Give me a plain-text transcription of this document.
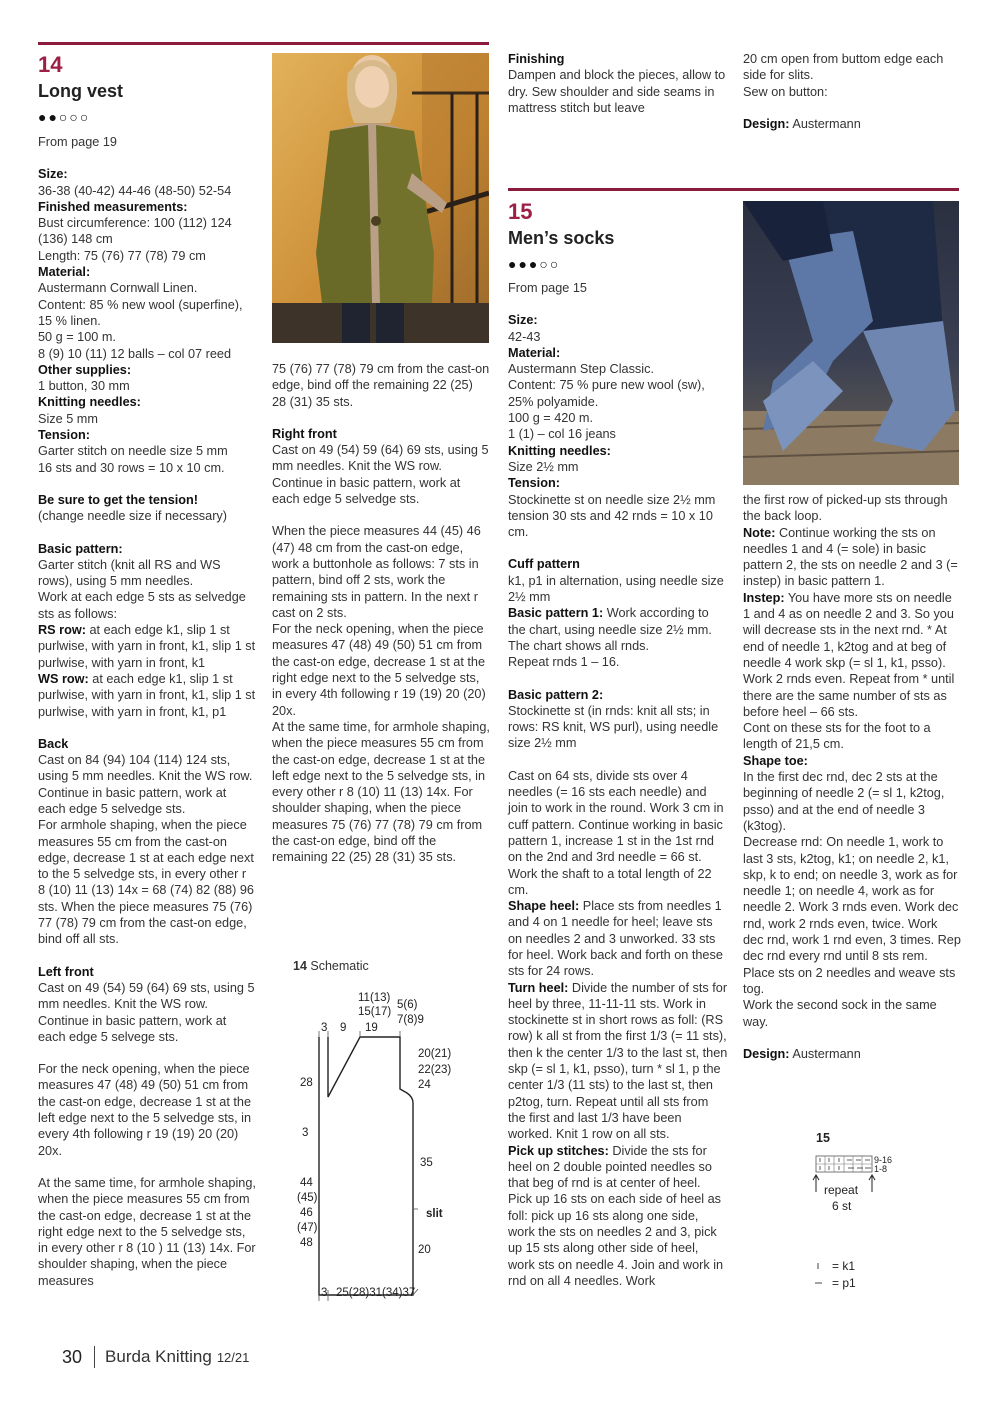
14
Long vest
●●○○○

From page 19

Size:

36-38 (40-42) 44-46 (48-50) 52-54

Finished measurements:

Bust circumference: 100 (112) 124 (136) 148 cm

Length: 75 (76) 77 (78) 79 cm

Material:

Austermann Cornwall Linen.

Content: 85 % new wool (superfine), 15 % linen.

50 g = 100 m.

8 (9) 10 (11) 12 balls – col 07 reed

Other supplies:

1 button, 30 mm

Knitting needles:

Size 5 mm

Tension:

Garter stitch on needle size 5 mm

16 sts and 30 rows = 10 x 10 cm.

Be sure to get the tension!

(change needle size if necessary)

Basic pattern:

Garter stitch (knit all RS and WS rows), using 5 mm needles.

Work at each edge 5 sts as selvedge sts as follows:

RS row: at each edge k1, slip 1 st purlwise, with yarn in front, k1, slip 1 st purlwise, with yarn in front, k1

WS row: at each edge k1, slip 1 st purlwise, with yarn in front, k1, slip 1 st purlwise, with yarn in front, k1, p1

Back

Cast on 84 (94) 104 (114) 124 sts, using 5 mm needles. Knit the WS row. Continue in basic pattern, work at each edge 5 selvedge sts.

For armhole shaping, when the piece measures 55 cm from the cast-on edge, decrease 1 st at each edge next to the 5 selvedge sts, in every other r 8 (10) 11 (13) 14x = 68 (74) 82 (88) 96 sts. When the piece measures 75 (76) 77 (78) 79 cm from the cast-on edge, bind off all sts.

Left front

Cast on 49 (54) 59 (64) 69 sts, using 5 mm needles. Knit the WS row. Continue in basic pattern, work at each edge 5 selvege sts.

For the neck opening, when the piece measures 47 (48) 49 (50) 51 cm from the cast-on edge, decrease 1 st at the left edge next to the 5 selvedge sts, in every 4th following r 19 (19) 20 (20) 20x.

At the same time, for armhole shaping, when the piece measures 55 cm from the cast-on edge, decrease 1 st at the right edge next to the 5 selvedge sts, in every other r 8 (10 ) 11 (13) 14x. For shoulder shaping, when the piece measures

75 (76) 77 (78) 79 cm from the cast-on edge, bind off the remaining 22 (25) 28 (31) 35 sts.

Right front

Cast on 49 (54) 59 (64) 69 sts, using 5 mm needles. Knit the WS row. Continue in basic pattern, work at each edge 5 selvedge sts.

When the piece measures 44 (45) 46 (47) 48 cm from the cast-on edge, work a buttonhole as follows: 7 sts in pattern, bind off 2 sts, work the remaining sts in pattern. In the next r cast on 2 sts.

For the neck opening, when the piece measures 47 (48) 49 (50) 51 cm from the cast-on edge, decrease 1 st at the right edge next to the 5 selvedge sts, in every 4th following r 19 (19) 20 (20) 20x.

At the same time, for armhole shaping, when the piece measures 55 cm from the cast-on edge, decrease 1 st at the left edge next to the 5 selvedge sts, in every other r 8 (10) 11 (13) 14x. For shoulder shaping, when the piece measures 75 (76) 77 (78) 79 cm from the cast-on edge, bind off the remaining 22 (25) 28 (31) 35 sts.

14 Schematic
11(13)
15(17)
19
5(6)
7(8)9
3 9
20(21)
22(23)
24
35
slit
20
28
3
44
(45)
46
(47)
48
3 25(28)31(34)37

Finishing

Dampen and block the pieces, allow to dry. Sew shoulder and side seams in mattress stitch but leave

15
Men’s socks
●●●○○

From page 15

Size:

42-43

Material:

Austermann Step Classic.

Content: 75 % pure new wool (sw), 25% polyamide.

100 g = 420 m.

1 (1) – col 16 jeans

Knitting needles:

Size 2½ mm

Tension:

Stockinette st on needle size 2½ mm tension 30 sts and 42 rnds = 10 x 10 cm.

Cuff pattern

k1, p1 in alternation, using needle size 2½ mm

Basic pattern 1: Work according to the chart, using needle size 2½ mm. The chart shows all rnds.

Repeat rnds 1 – 16.

Basic pattern 2:

Stockinette st (in rnds: knit all sts; in rows: RS knit, WS purl), using needle size 2½ mm

Cast on 64 sts, divide sts over 4 needles (= 16 sts each needle) and join to work in the round. Work 3 cm in cuff pattern. Continue working in basic pattern 1, increase 1 st in the 1st rnd on the 2nd and 3rd needle = 66 st. Work the shaft to a total length of 22 cm.

Shape heel: Place sts from needles 1 and 4 on 1 needle for heel; leave sts on needles 2 and 3 unworked. 33 sts for heel. Work back and forth on these sts for 24 rows.

Turn heel: Divide the number of sts for heel by three, 11-11-11 sts. Work in stockinette st in short rows as foll: (RS row) k all st from the first 1/3 (= 11 sts), then k the center 1/3 to the last st, then skp (= sl 1, k1, psso), turn * sl 1, p the center 1/3 (11 sts) to the last st, then p2tog, turn. Repeat until all sts from the first and last 1/3 have been worked. Knit 1 row on all sts.

Pick up stitches: Divide the sts for heel on 2 double pointed needles so that beg of rnd is at center of heel. Pick up 16 sts on each side of heel as foll: pick up 16 sts along one side, work the sts on needles 2 and 3, pick up 15 sts along other side of heel, work sts on needle 4. Join and work in rnd on all 4 needles. Work

20 cm open from buttom edge each side for slits.

Sew on button:

Design: Austermann

the first row of picked-up sts through the back loop.

Note: Continue working the sts on needles 1 and 4 (= sole) in basic pattern 2, the sts on needle 2 and 3 (= instep) in basic pattern 1.

Instep: You have more sts on needle 1 and 4 as on needle 2 and 3. So you will decrease sts in the next rnd. * At end of needle 1, k2tog and at beg of needle 4 work skp (= sl 1, k1, psso).

Work 2 rnds even. Repeat from * until there are the same number of sts as before heel – 66 sts.

Cont on these sts for the foot to a length of 21,5 cm.

Shape toe:

In the first dec rnd, dec 2 sts at the beginning of needle 2 (= sl 1, k2tog, psso) and at the end of needle 3 (k3tog).

Decrease rnd: On needle 1, work to last 3 sts, k2tog, k1; on needle 2, k1, skp, k to end; on needle 3, work as for needle 1; on needle 4, work as for needle 2. Work 3 rnds even. Work dec rnd, work 2 rnds even, twice. Work dec rnd, work 1 rnd even, 3 times. Rep dec rnd every rnd until 8 sts rem. Place sts on 2 needles and weave sts tog.

Work the second sock in the same way.

Design: Austermann

15
9-16
1-8
repeat
6 st
= k1
= p1
30 Burda Knitting 12/21
